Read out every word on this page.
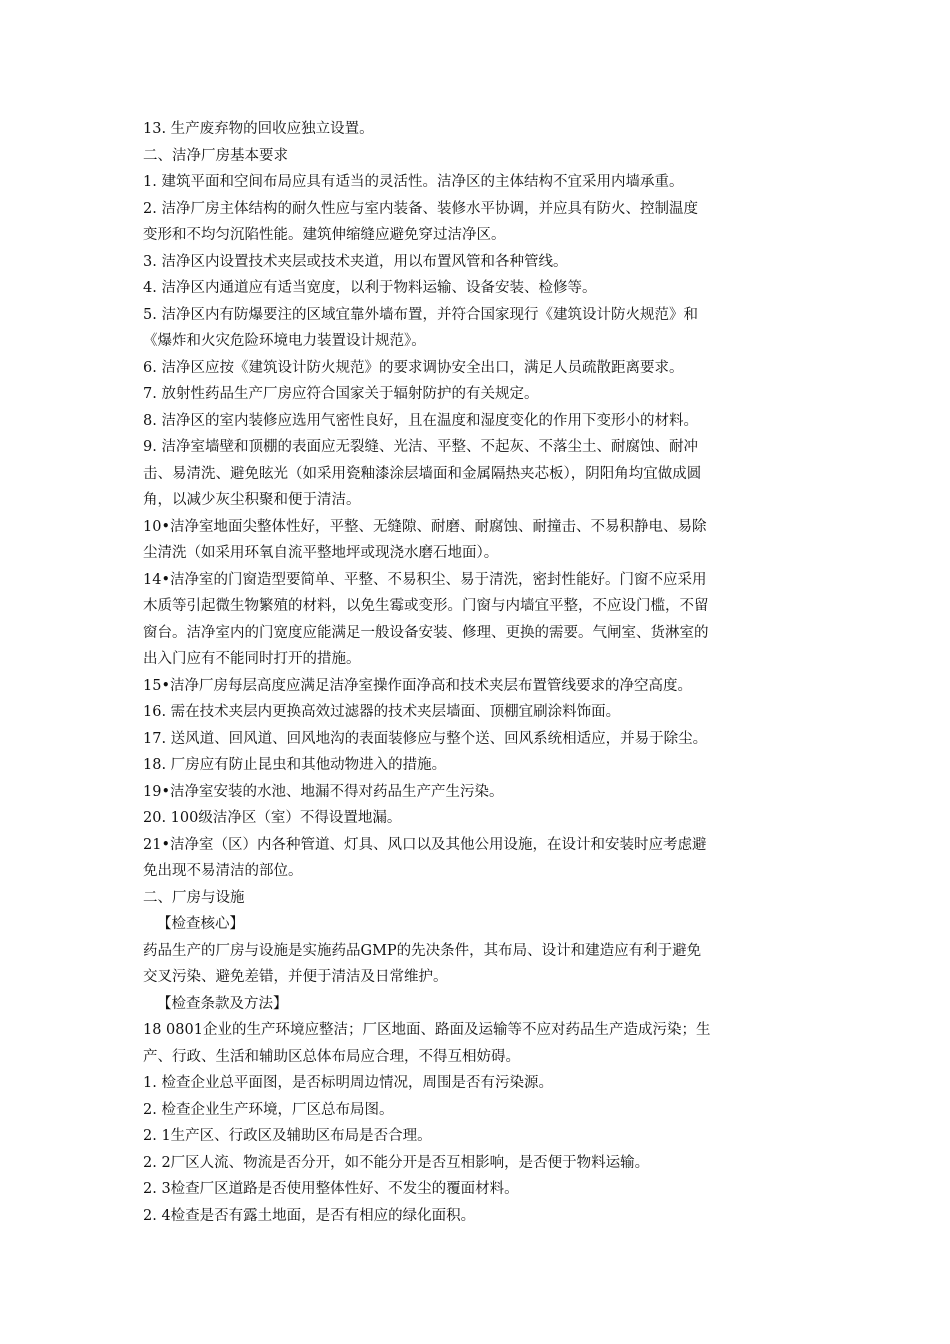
13. 生产废弃物的回收应独立设置。
二、洁净厂房基本要求
1. 建筑平面和空间布局应具有适当的灵活性。洁净区的主体结构不宜采用内墙承重。
2. 洁净厂房主体结构的耐久性应与室内装备、装修水平协调，并应具有防火、控制温度
变形和不均匀沉陷性能。建筑伸缩缝应避免穿过洁净区。
3. 洁净区内设置技术夹层或技术夹道，用以布置风管和各种管线。
4. 洁净区内通道应有适当宽度，以利于物料运输、设备安装、检修等。
5. 洁净区内有防爆要注的区域宜靠外墙布置，并符合国家现行《建筑设计防火规范》和
《爆炸和火灾危险环境电力装置设计规范》。
6. 洁净区应按《建筑设计防火规范》的要求调协安全出口，满足人员疏散距离要求。
7. 放射性药品生产厂房应符合国家关于辐射防护的有关规定。
8. 洁净区的室内装修应选用气密性良好，且在温度和湿度变化的作用下变形小的材料。
9. 洁净室墙壁和顶棚的表面应无裂缝、光洁、平整、不起灰、不落尘土、耐腐蚀、耐冲
击、易清洗、避免眩光（如采用瓷釉漆涂层墙面和金属隔热夹芯板），阴阳角均宜做成圆
角，以减少灰尘积聚和便于清洁。
10•洁净室地面尖整体性好，平整、无缝隙、耐磨、耐腐蚀、耐撞击、不易积静电、易除
尘清洗（如采用环氧自流平整地坪或现浇水磨石地面）。
14•洁净室的门窗造型要简单、平整、不易积尘、易于清洗，密封性能好。门窗不应采用
木质等引起微生物繁殖的材料，以免生霉或变形。门窗与内墙宜平整，不应设门槛，不留
窗台。洁净室内的门宽度应能满足一般设备安装、修理、更换的需要。气闸室、货淋室的
出入门应有不能同时打开的措施。
15•洁净厂房每层高度应满足洁净室操作面净高和技术夹层布置管线要求的净空高度。
16. 需在技术夹层内更换高效过滤器的技术夹层墙面、顶棚宜刷涂料饰面。
17. 送风道、回风道、回风地沟的表面装修应与整个送、回风系统相适应，并易于除尘。
18. 厂房应有防止昆虫和其他动物进入的措施。
19•洁净室安装的水池、地漏不得对药品生产产生污染。
20. 100级洁净区（室）不得设置地漏。
21•洁净室（区）内各种管道、灯具、风口以及其他公用设施，在设计和安装时应考虑避
免出现不易清洁的部位。
二、厂房与设施
【检查核心】
药品生产的厂房与设施是实施药品GMP的先决条件，其布局、设计和建造应有利于避免
交叉污染、避免差错，并便于清洁及日常维护。
【检查条款及方法】
18 0801企业的生产环境应整洁；厂区地面、路面及运输等不应对药品生产造成污染；生
产、行政、生活和辅助区总体布局应合理，不得互相妨碍。
1. 检查企业总平面图，是否标明周边情况，周围是否有污染源。
2. 检查企业生产环境，厂区总布局图。
2. 1生产区、行政区及辅助区布局是否合理。
2. 2厂区人流、物流是否分开，如不能分开是否互相影响，是否便于物料运输。
2. 3检查厂区道路是否使用整体性好、不发尘的覆面材料。
2. 4检查是否有露土地面，是否有相应的绿化面积。
